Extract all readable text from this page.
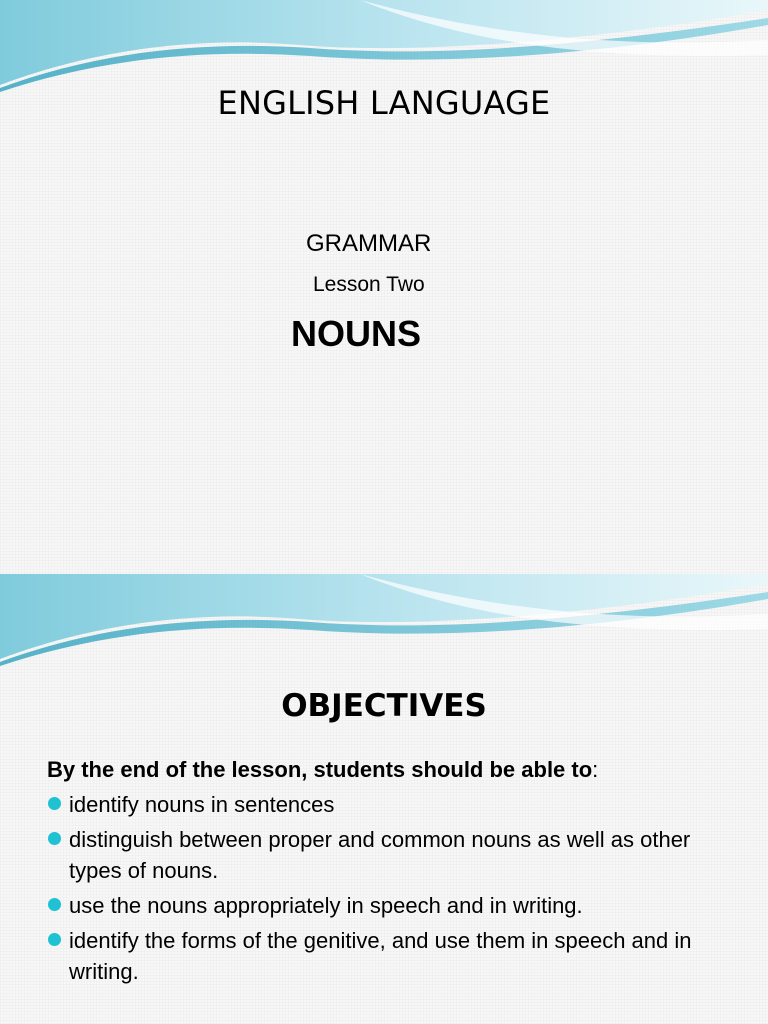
ENGLISH LANGUAGE
GRAMMAR
Lesson Two
NOUNS
OBJECTIVES
By the end of the lesson, students should be able to:
identify nouns in sentences
distinguish between proper and common nouns as well as other types of nouns.
use the nouns appropriately in speech and in writing.
identify the forms of the genitive, and use them in speech and in writing.
